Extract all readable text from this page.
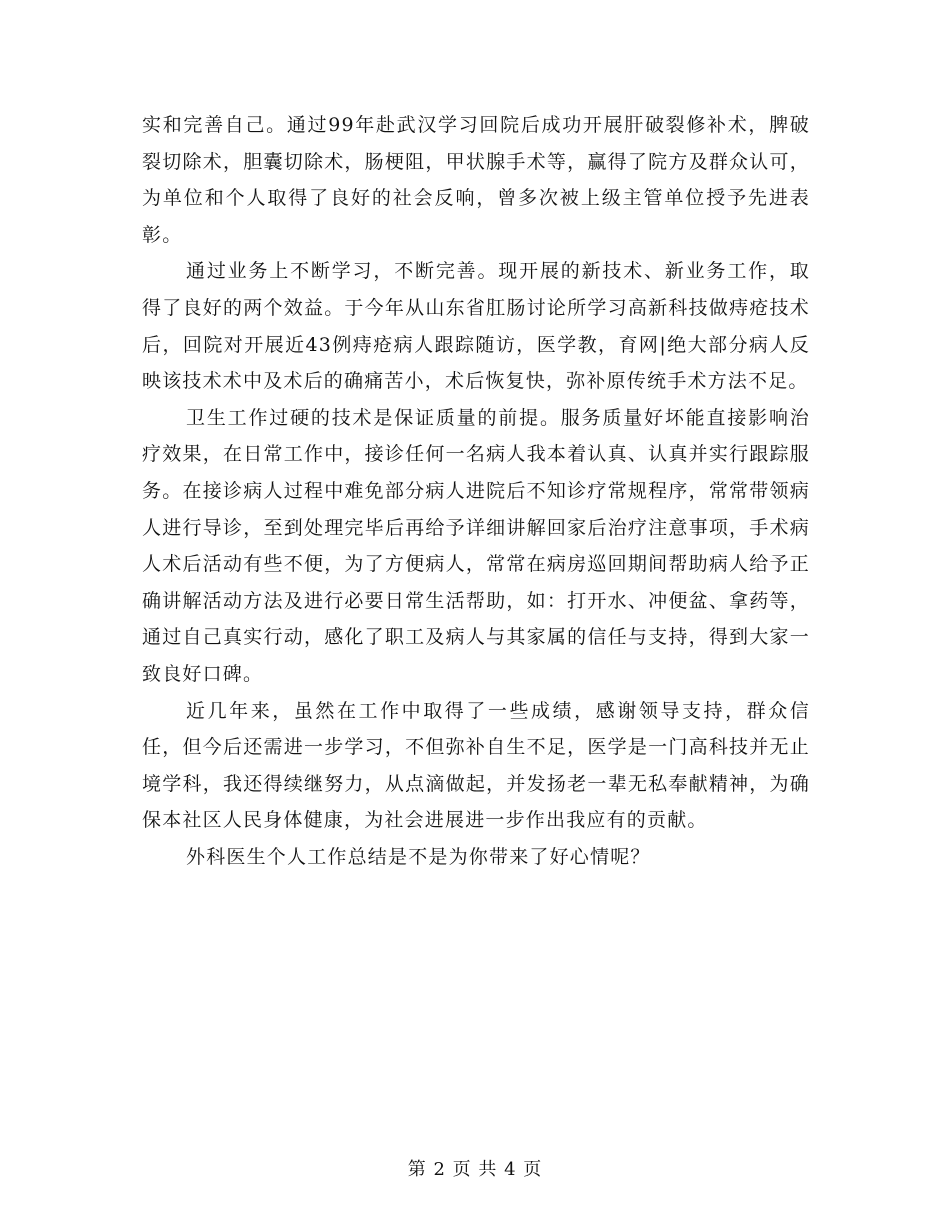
实和完善自己。通过99年赴武汉学习回院后成功开展肝破裂修补术，脾破裂切除术，胆囊切除术，肠梗阻，甲状腺手术等，赢得了院方及群众认可，为单位和个人取得了良好的社会反响，曾多次被上级主管单位授予先进表彰。

通过业务上不断学习，不断完善。现开展的新技术、新业务工作，取得了良好的两个效益。于今年从山东省肛肠讨论所学习高新科技做痔疮技术后，回院对开展近43例痔疮病人跟踪随访，医学教，育网|绝大部分病人反映该技术术中及术后的确痛苦小，术后恢复快，弥补原传统手术方法不足。

卫生工作过硬的技术是保证质量的前提。服务质量好坏能直接影响治疗效果，在日常工作中，接诊任何一名病人我本着认真、认真并实行跟踪服务。在接诊病人过程中难免部分病人进院后不知诊疗常规程序，常常带领病人进行导诊，至到处理完毕后再给予详细讲解回家后治疗注意事项，手术病人术后活动有些不便，为了方便病人，常常在病房巡回期间帮助病人给予正确讲解活动方法及进行必要日常生活帮助，如：打开水、冲便盆、拿药等，通过自己真实行动，感化了职工及病人与其家属的信任与支持，得到大家一致良好口碑。

近几年来，虽然在工作中取得了一些成绩，感谢领导支持，群众信任，但今后还需进一步学习，不但弥补自生不足，医学是一门高科技并无止境学科，我还得续继努力，从点滴做起，并发扬老一辈无私奉献精神，为确保本社区人民身体健康，为社会进展进一步作出我应有的贡献。

外科医生个人工作总结是不是为你带来了好心情呢？

第 2 页 共 4 页
